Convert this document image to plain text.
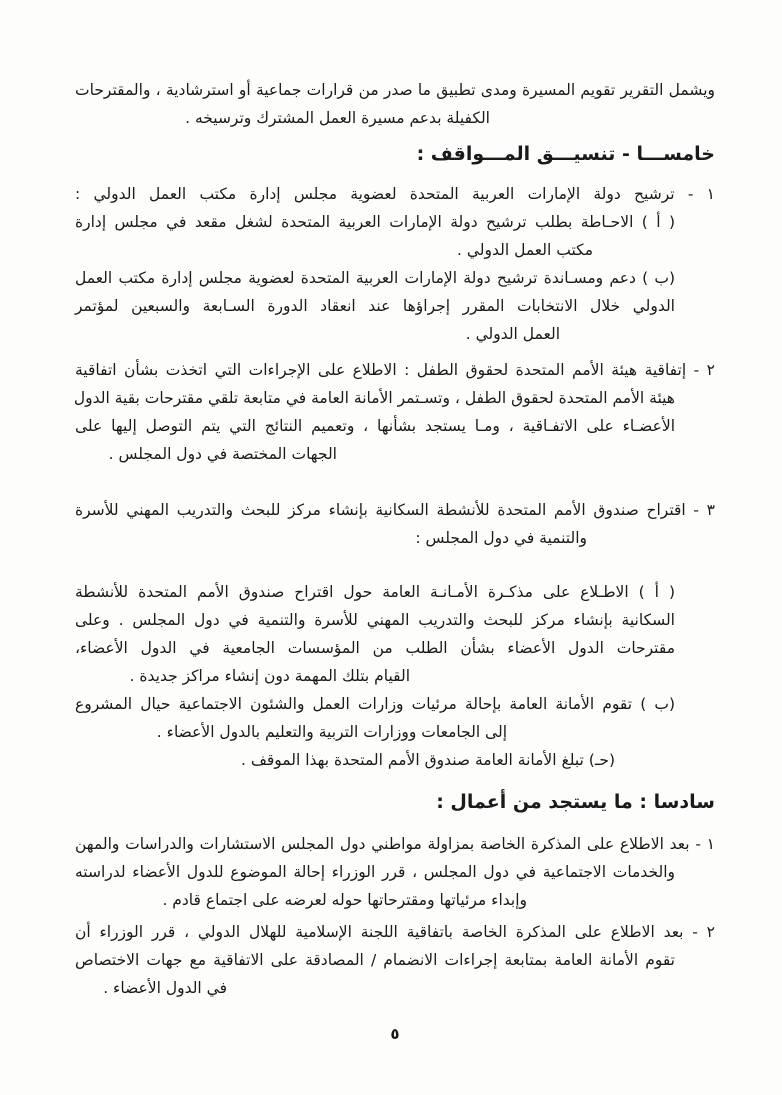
ويشمل التقرير تقويم المسيرة ومدى تطبيق ما صدر من قرارات جماعية أو استرشادية ، والمقترحات
الكفيلة بدعم مسيرة العمل المشترك وترسيخه .
خامســـا - تنسيـــق المـــواقف :
١ - ترشيح دولة الإمارات العربية المتحدة لعضوية مجلس إدارة مكتب العمل الدولي :
( أ ) الاحـاطة بطلب ترشيح دولة الإمارات العربية المتحدة لشغل مقعد في مجلس إدارة
مكتب العمل الدولي .
(ب ) دعم ومسـاندة ترشيح دولة الإمارات العربية المتحدة لعضوية مجلس إدارة مكتب العمل
الدولي خلال الانتخابات المقرر إجراؤها عند انعقاد الدورة السـابعة والسبعين لمؤتمر
العمل الدولي .
٢ - إتفاقية هيئة الأمم المتحدة لحقوق الطفل : الاطلاع على الإجراءات التي اتخذت بشأن اتفاقية
هيئة الأمم المتحدة لحقوق الطفل ، وتسـتمر الأمانة العامة في متابعة تلقي مقترحات بقية الدول
الأعضـاء على الاتفـاقية ، ومـا يستجد بشأنها ، وتعميم النتائج التي يتم التوصل إليها على
الجهات المختصة في دول المجلس .
٣ - اقتراح صندوق الأمم المتحدة للأنشطة السكانية بإنشاء مركز للبحث والتدريب المهني للأسرة
والتنمية في دول المجلس :
( أ ) الاطـلاع على مذكـرة الأمـانـة العامة حول اقتراح صندوق الأمم المتحدة للأنشطة
السكانية بإنشاء مركز للبحث والتدريب المهني للأسرة والتنمية في دول المجلس . وعلى
مقترحات الدول الأعضاء بشأن الطلب من المؤسسات الجامعية في الدول الأعضاء،
القيام بتلك المهمة دون إنشاء مراكز جديدة .
(ب ) تقوم الأمانة العامة بإحالة مرئيات وزارات العمل والشئون الاجتماعية حيال المشروع
إلى الجامعات ووزارات التربية والتعليم بالدول الأعضاء .
(حـ) تبلغ الأمانة العامة صندوق الأمم المتحدة بهذا الموقف .
سادسا : ما يستجد من أعمال :
١ - بعد الاطلاع على المذكرة الخاصة بمزاولة مواطني دول المجلس الاستشارات والدراسات والمهن
والخدمات الاجتماعية في دول المجلس ، قرر الوزراء إحالة الموضوع للدول الأعضاء لدراسته
وإبداء مرئياتها ومقترحاتها حوله لعرضه على اجتماع قادم .
٢ - بعد الاطلاع على المذكرة الخاصة باتفاقية اللجنة الإسلامية للهلال الدولي ، قرر الوزراء أن
تقوم الأمانة العامة بمتابعة إجراءات الانضمام / المصادقة على الاتفاقية مع جهات الاختصاص
في الدول الأعضاء .
٥
